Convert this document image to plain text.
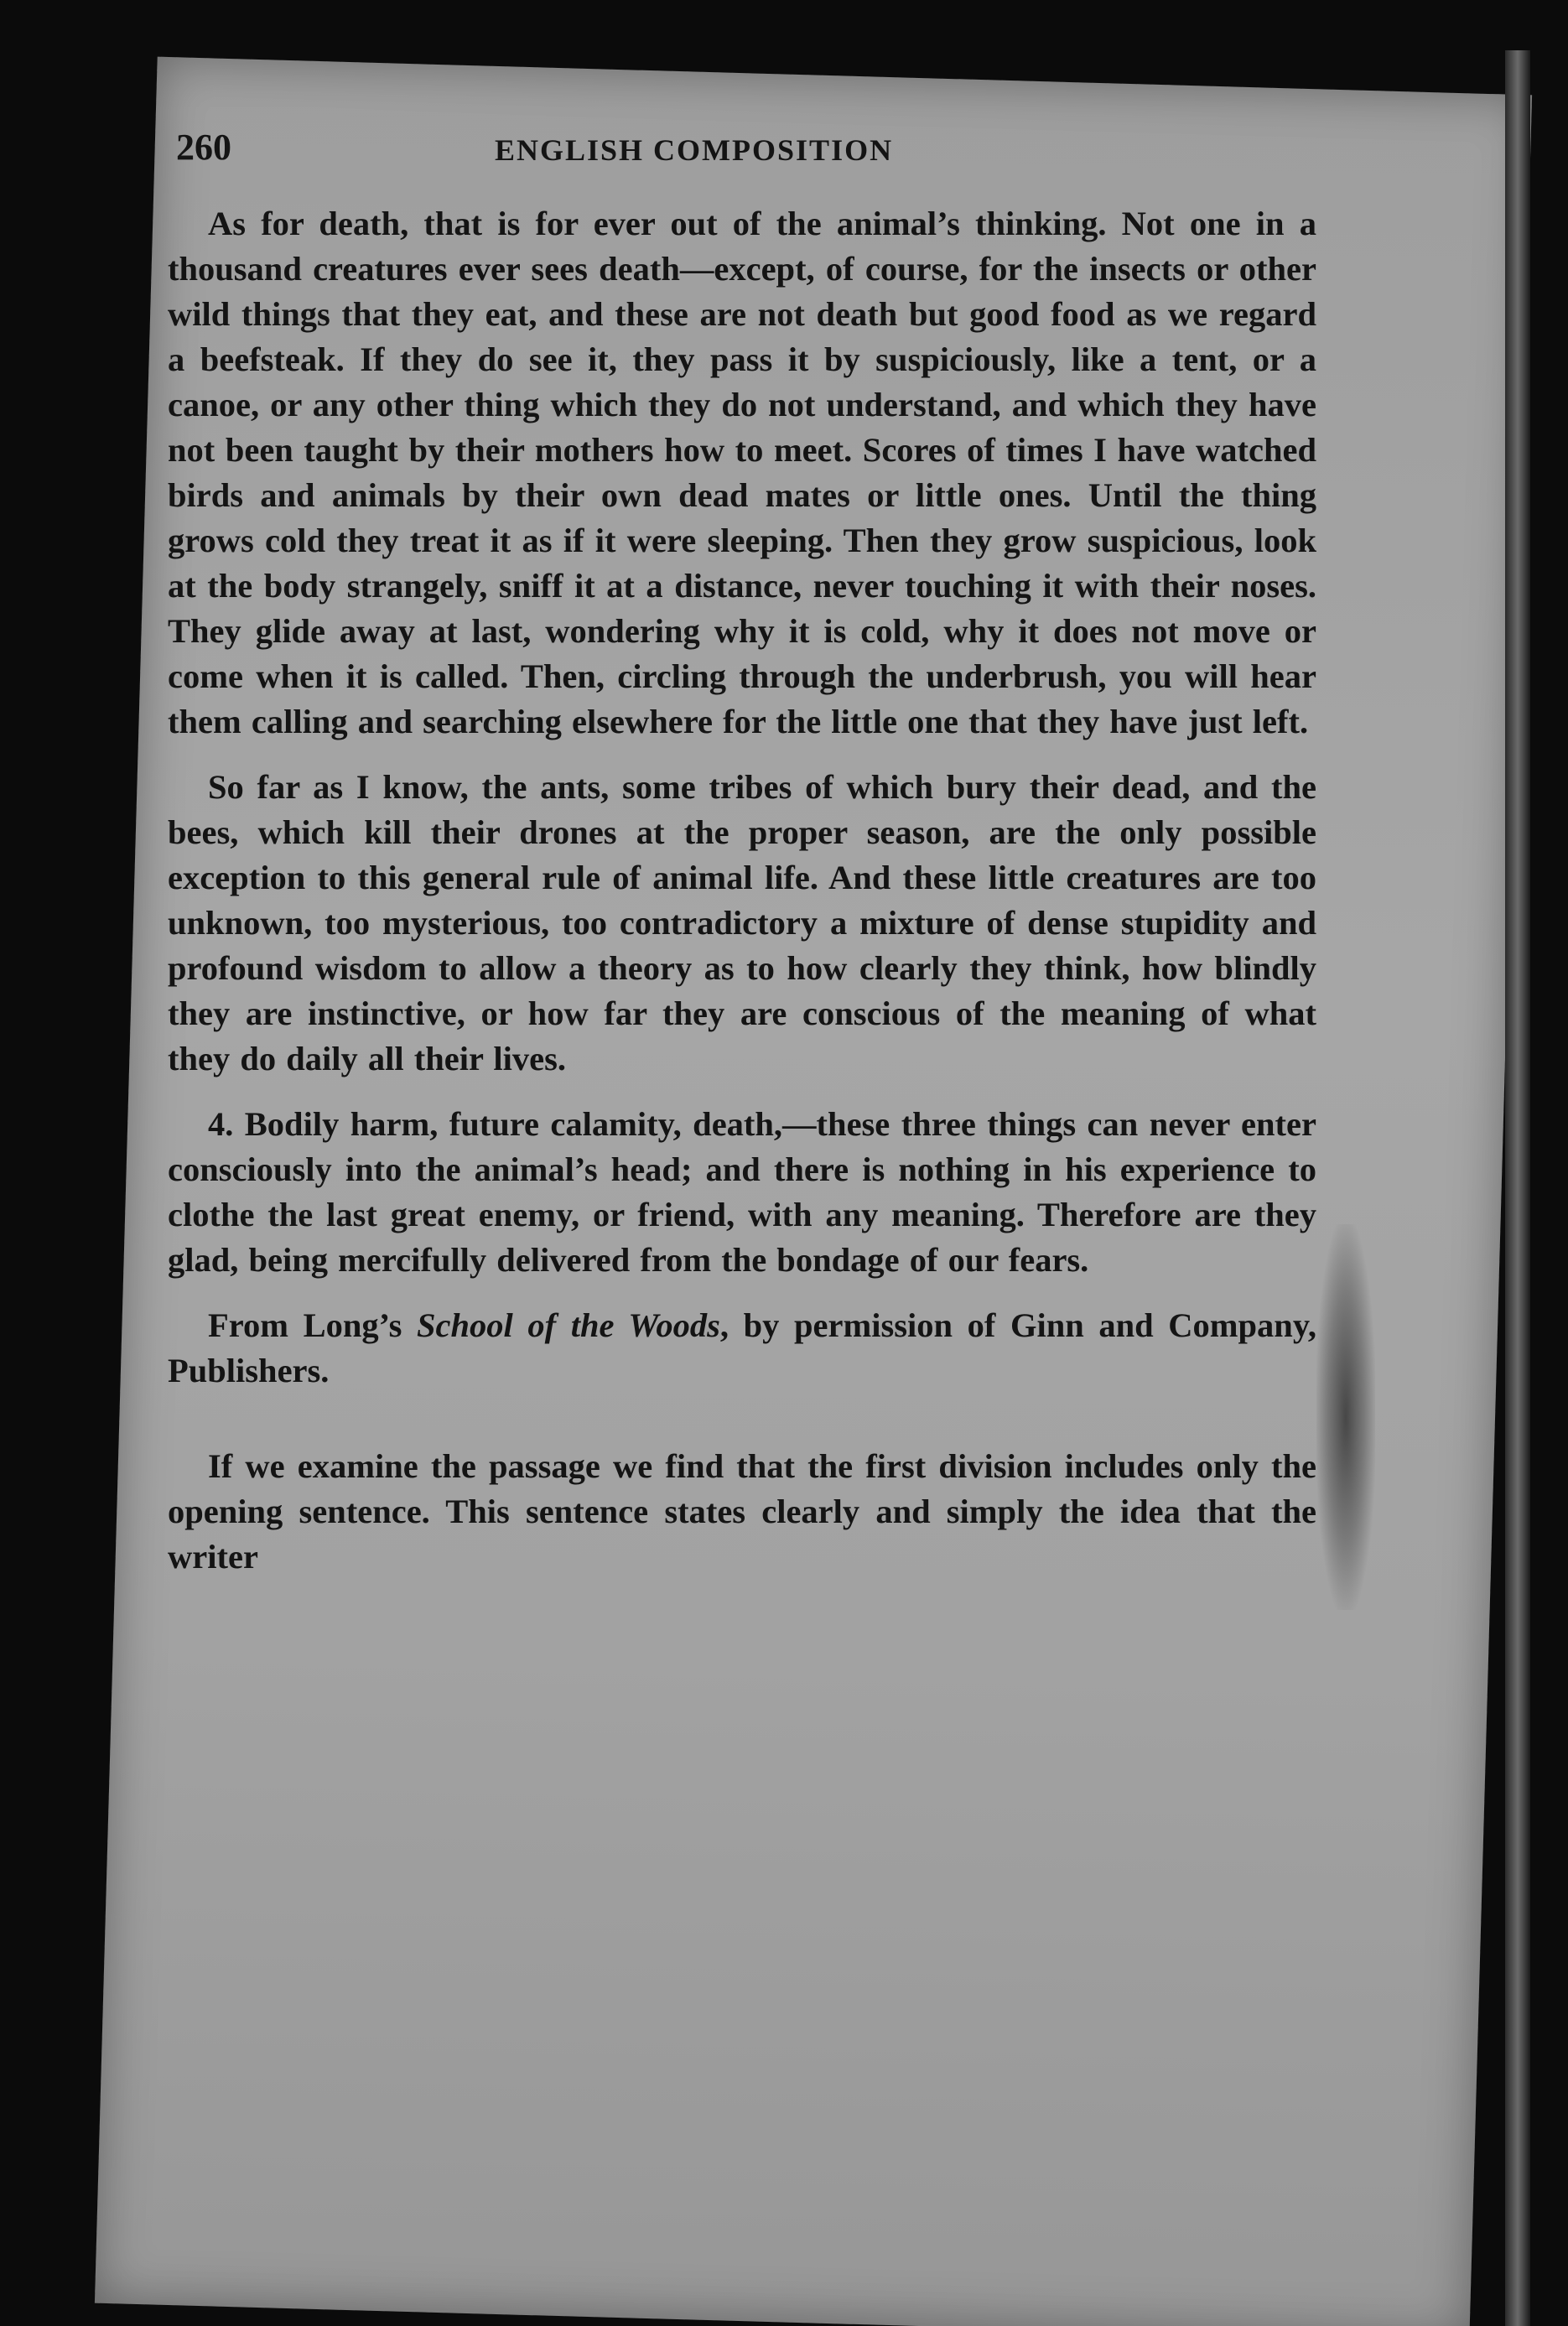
260	ENGLISH COMPOSITION

As for death, that is for ever out of the animal’s thinking. Not one in a thousand creatures ever sees death—except, of course, for the insects or other wild things that they eat, and these are not death but good food as we regard a beefsteak. If they do see it, they pass it by suspiciously, like a tent, or a canoe, or any other thing which they do not understand, and which they have not been taught by their mothers how to meet. Scores of times I have watched birds and animals by their own dead mates or little ones. Until the thing grows cold they treat it as if it were sleeping. Then they grow suspicious, look at the body strangely, sniff it at a distance, never touching it with their noses. They glide away at last, wondering why it is cold, why it does not move or come when it is called. Then, circling through the underbrush, you will hear them calling and searching elsewhere for the little one that they have just left.

So far as I know, the ants, some tribes of which bury their dead, and the bees, which kill their drones at the proper season, are the only possible exception to this general rule of animal life. And these little creatures are too unknown, too mysterious, too contradictory a mixture of dense stupidity and profound wisdom to allow a theory as to how clearly they think, how blindly they are instinctive, or how far they are conscious of the meaning of what they do daily all their lives.

4. Bodily harm, future calamity, death,—these three things can never enter consciously into the animal’s head; and there is nothing in his experience to clothe the last great enemy, or friend, with any meaning. Therefore are they glad, being mercifully delivered from the bondage of our fears.

From Long’s School of the Woods, by permission of Ginn and Company, Publishers.

If we examine the passage we find that the first division includes only the opening sentence. This sentence states clearly and simply the idea that the writer
